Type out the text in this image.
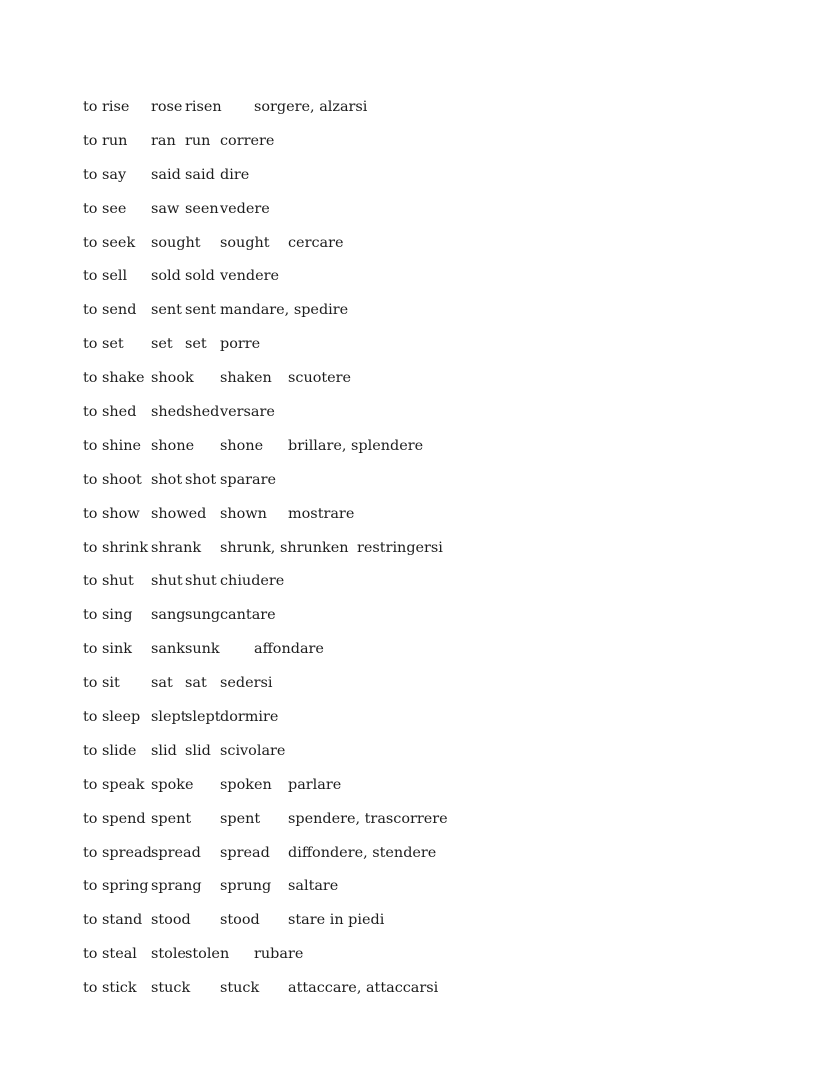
to rise rose risen sorgere, alzarsi
to run ran run correre
to say said said dire
to see saw seen vedere
to seek sought sought cercare
to sell sold sold vendere
to send sent sent mandare, spedire
to set set set porre
to shake shook shaken scuotere
to shed shed shed versare
to shine shone shone brillare, splendere
to shoot shot shot sparare
to show showed shown mostrare
to shrink shrank shrunk, shrunken restringersi
to shut shut shut chiudere
to sing sang sung cantare
to sink sank sunk affondare
to sit sat sat sedersi
to sleep slept
slept dormire
to slide slid slid scivolare
to speak spoke spoken parlare
to spend spent spent spendere, trascorrere
to spread spread spread diffondere, stendere
to spring sprang sprung saltare
to stand stood stood stare in piedi
to steal stole stolen rubare
to stick stuck stuck attaccare, attaccarsi
